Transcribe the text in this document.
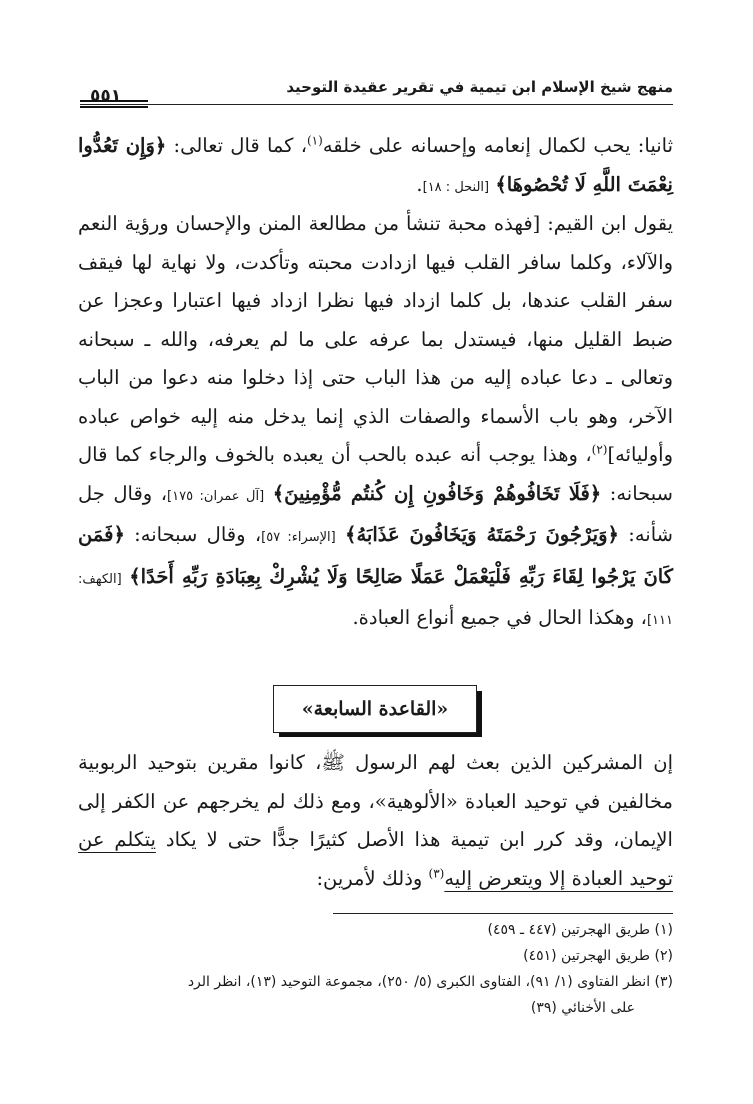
منهج شيخ الإسلام ابن تيمية في تقرير عقيدة التوحيد
٥٥١
ثانيا: يحب لكمال إنعامه وإحسانه على خلقه$^{(١)}$، كما قال تعالى: ﴿وَإِن تَعُدُّوا نِعْمَتَ اللَّهِ لَا تُحْصُوهَا﴾ [النحل : ١٨].
يقول ابن القيم: [فهذه محبة تنشأ من مطالعة المنن والإحسان ورؤية النعم والآلاء، وكلما سافر القلب فيها ازدادت محبته وتأكدت، ولا نهاية لها فيقف سفر القلب عندها، بل كلما ازداد فيها نظرا ازداد فيها اعتبارا وعجزا عن ضبط القليل منها، فيستدل بما عرفه على ما لم يعرفه، والله ـ سبحانه وتعالى ـ دعا عباده إليه من هذا الباب حتى إذا دخلوا منه دعوا من الباب الآخر، وهو باب الأسماء والصفات الذي إنما يدخل منه إليه خواص عباده وأوليائه]$^{(٢)}$، وهذا يوجب أنه عبده بالحب أن يعبده بالخوف والرجاء كما قال سبحانه: ﴿فَلَا تَخَافُوهُمْ وَخَافُونِ إِن كُنتُم مُّؤْمِنِينَ﴾ [آل عمران: ١٧٥]، وقال جل شأنه: ﴿وَيَرْجُونَ رَحْمَتَهُ وَيَخَافُونَ عَذَابَهُ﴾ [الإسراء: ٥٧]، وقال سبحانه: ﴿فَمَن كَانَ يَرْجُوا لِقَاءَ رَبِّهِ فَلْيَعْمَلْ عَمَلًا صَالِحًا وَلَا يُشْرِكْ بِعِبَادَةِ رَبِّهِ أَحَدًا﴾ [الكهف: ١١١]، وهكذا الحال في جميع أنواع العبادة.
«القاعدة السابعة»
إن المشركين الذين بعث لهم الرسول ﷺ، كانوا مقرين بتوحيد الربوبية مخالفين في توحيد العبادة «الألوهية»، ومع ذلك لم يخرجهم عن الكفر إلى الإيمان، وقد كرر ابن تيمية هذا الأصل كثيرًا جدًّا حتى لا يكاد يتكلم عن توحيد العبادة إلا ويتعرض إليه$^{(٣)}$ وذلك لأمرين:

(١) طريق الهجرتين (٤٤٧ ـ ٤٥٩)

(٢) طريق الهجرتين (٤٥١)

(٣) انظر الفتاوى (١/ ٩١)، الفتاوى الكبرى (٥/ ٢٥٠)، مجموعة التوحيد (١٣)، انظر الرد

على الأخنائي (٣٩)
